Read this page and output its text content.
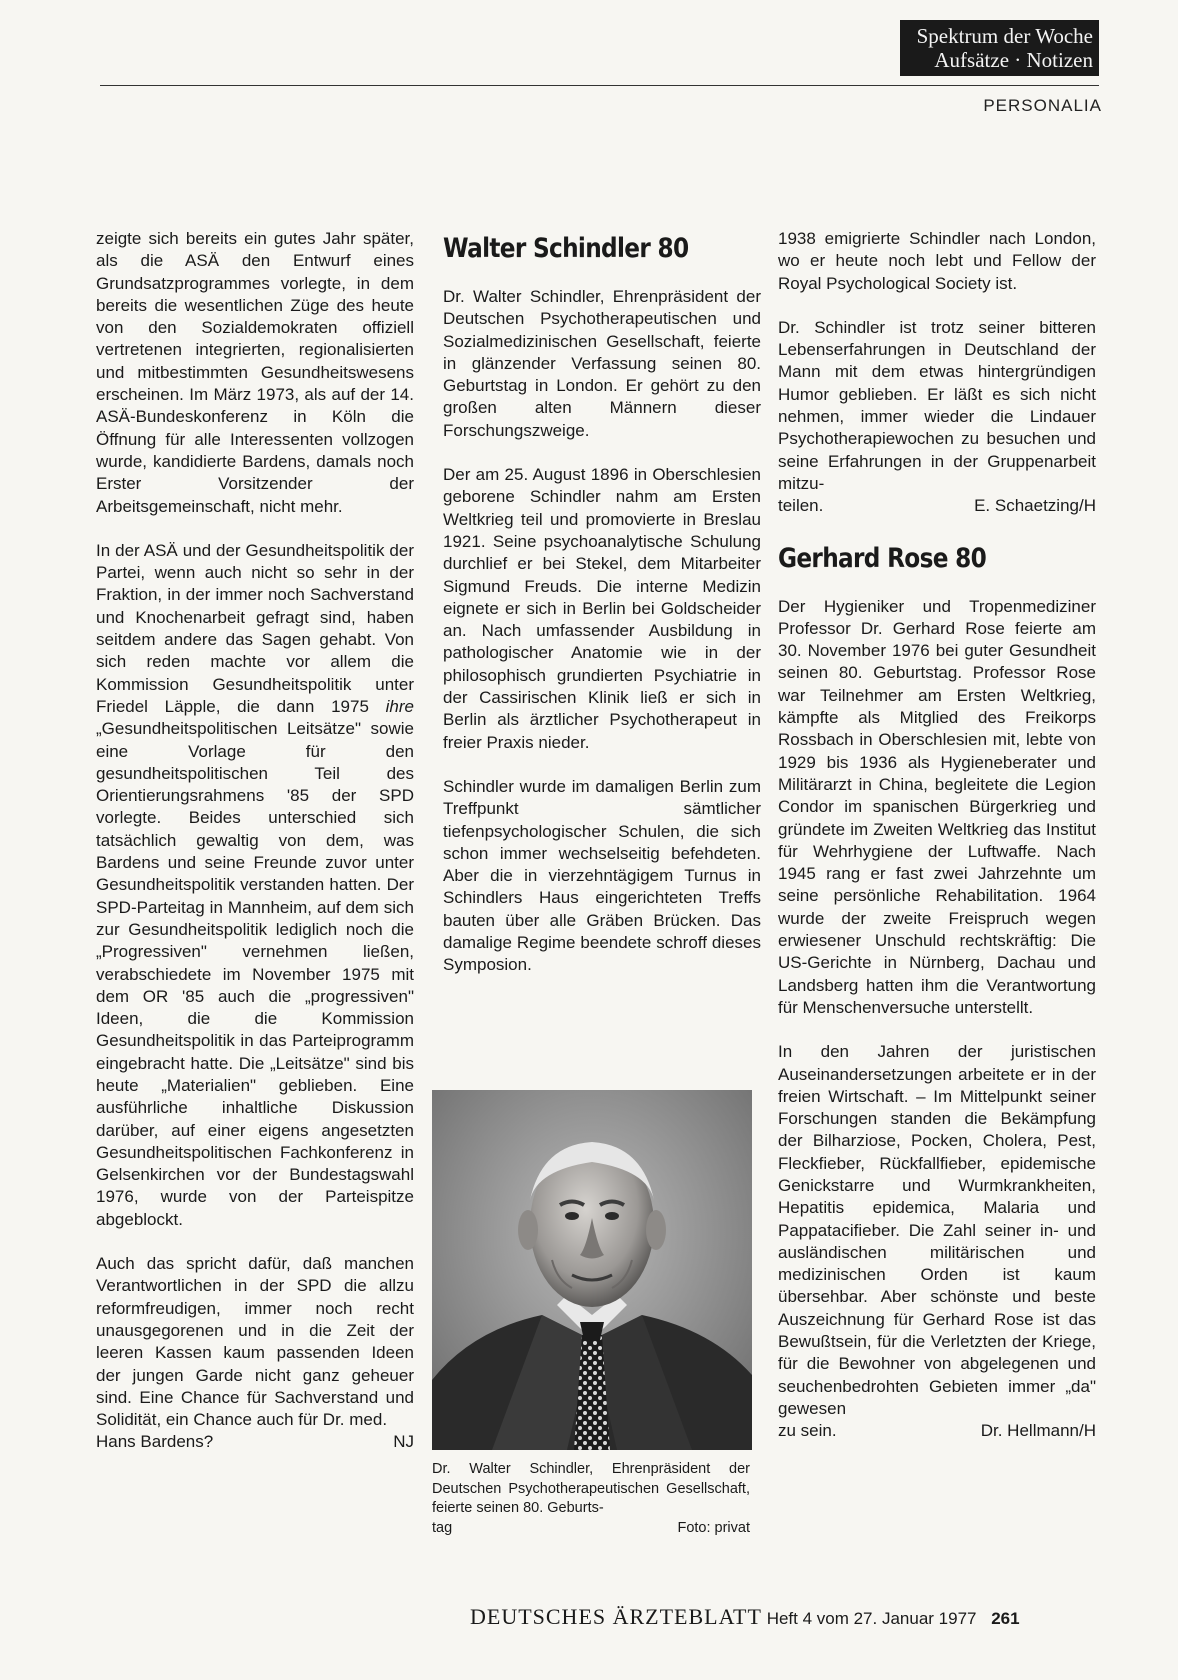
Spektrum der Woche
Aufsätze · Notizen
PERSONALIA

zeigte sich bereits ein gutes Jahr später, als die ASÄ den Entwurf eines Grundsatzprogrammes vorlegte, in dem bereits die wesentlichen Züge des heute von den Sozialdemokraten offiziell vertretenen integrierten, regionalisierten und mitbestimmten Gesundheitswesens erscheinen. Im März 1973, als auf der 14. ASÄ-Bundeskonferenz in Köln die Öffnung für alle Interessenten vollzogen wurde, kandidierte Bardens, damals noch Erster Vorsitzender der Arbeitsgemeinschaft, nicht mehr.

In der ASÄ und der Gesundheitspolitik der Partei, wenn auch nicht so sehr in der Fraktion, in der immer noch Sachverstand und Knochenarbeit gefragt sind, haben seitdem andere das Sagen gehabt. Von sich reden machte vor allem die Kommission Gesundheitspolitik unter Friedel Läpple, die dann 1975 ihre „Gesundheitspolitischen Leitsätze" sowie eine Vorlage für den gesundheitspolitischen Teil des Orientierungsrahmens '85 der SPD vorlegte. Beides unterschied sich tatsächlich gewaltig von dem, was Bardens und seine Freunde zuvor unter Gesundheitspolitik verstanden hatten. Der SPD-Parteitag in Mannheim, auf dem sich zur Gesundheitspolitik lediglich noch die „Progressiven" vernehmen ließen, verabschiedete im November 1975 mit dem OR '85 auch die „progressiven" Ideen, die die Kommission Gesundheitspolitik in das Parteiprogramm eingebracht hatte. Die „Leitsätze" sind bis heute „Materialien" geblieben. Eine ausführliche inhaltliche Diskussion darüber, auf einer eigens angesetzten Gesundheitspolitischen Fachkonferenz in Gelsenkirchen vor der Bundestagswahl 1976, wurde von der Parteispitze abgeblockt.

Auch das spricht dafür, daß manchen Verantwortlichen in der SPD die allzu reformfreudigen, immer noch recht unausgegorenen und in die Zeit der leeren Kassen kaum passenden Ideen der jungen Garde nicht ganz geheuer sind. Eine Chance für Sachverstand und Solidität, ein Chance auch für Dr. med.

Hans Bardens?	NJ
Walter Schindler 80

Dr. Walter Schindler, Ehrenpräsident der Deutschen Psychotherapeutischen und Sozialmedizinischen Gesellschaft, feierte in glänzender Verfassung seinen 80. Geburtstag in London. Er gehört zu den großen alten Männern dieser Forschungszweige.

Der am 25. August 1896 in Oberschlesien geborene Schindler nahm am Ersten Weltkrieg teil und promovierte in Breslau 1921. Seine psychoanalytische Schulung durchlief er bei Stekel, dem Mitarbeiter Sigmund Freuds. Die interne Medizin eignete er sich in Berlin bei Goldscheider an. Nach umfassender Ausbildung in pathologischer Anatomie wie in der philosophisch grundierten Psychiatrie in der Cassirischen Klinik ließ er sich in Berlin als ärztlicher Psychotherapeut in freier Praxis nieder.

Schindler wurde im damaligen Berlin zum Treffpunkt sämtlicher tiefenpsychologischer Schulen, die sich schon immer wechselseitig befehdeten. Aber die in vierzehntägigem Turnus in Schindlers Haus eingerichteten Treffs bauten über alle Gräben Brücken. Das damalige Regime beendete schroff dieses Symposion.

Dr. Walter Schindler, Ehrenpräsident der Deutschen Psychotherapeutischen Gesellschaft, feierte seinen 80. Geburts-
tag	Foto: privat

1938 emigrierte Schindler nach London, wo er heute noch lebt und Fellow der Royal Psychological Society ist.

Dr. Schindler ist trotz seiner bitteren Lebenserfahrungen in Deutschland der Mann mit dem etwas hintergründigen Humor geblieben. Er läßt es sich nicht nehmen, immer wieder die Lindauer Psychotherapiewochen zu besuchen und seine Erfahrungen in der Gruppenarbeit mitzu-

teilen.	E. Schaetzing/H
Gerhard Rose 80

Der Hygieniker und Tropenmediziner Professor Dr. Gerhard Rose feierte am 30. November 1976 bei guter Gesundheit seinen 80. Geburtstag. Professor Rose war Teilnehmer am Ersten Weltkrieg, kämpfte als Mitglied des Freikorps Rossbach in Oberschlesien mit, lebte von 1929 bis 1936 als Hygieneberater und Militärarzt in China, begleitete die Legion Condor im spanischen Bürgerkrieg und gründete im Zweiten Weltkrieg das Institut für Wehrhygiene der Luftwaffe. Nach 1945 rang er fast zwei Jahrzehnte um seine persönliche Rehabilitation. 1964 wurde der zweite Freispruch wegen erwiesener Unschuld rechtskräftig: Die US-Gerichte in Nürnberg, Dachau und Landsberg hatten ihm die Verantwortung für Menschenversuche unterstellt.

In den Jahren der juristischen Auseinandersetzungen arbeitete er in der freien Wirtschaft. – Im Mittelpunkt seiner Forschungen standen die Bekämpfung der Bilharziose, Pocken, Cholera, Pest, Fleckfieber, Rückfallfieber, epidemische Genickstarre und Wurmkrankheiten, Hepatitis epidemica, Malaria und Pappatacifieber. Die Zahl seiner in- und ausländischen militärischen und medizinischen Orden ist kaum übersehbar. Aber schönste und beste Auszeichnung für Gerhard Rose ist das Bewußtsein, für die Verletzten der Kriege, für die Bewohner von abgelegenen und seuchenbedrohten Gebieten immer „da" gewesen

zu sein.	Dr. Hellmann/H
DEUTSCHES ÄRZTEBLATT Heft 4 vom 27. Januar 1977 261
